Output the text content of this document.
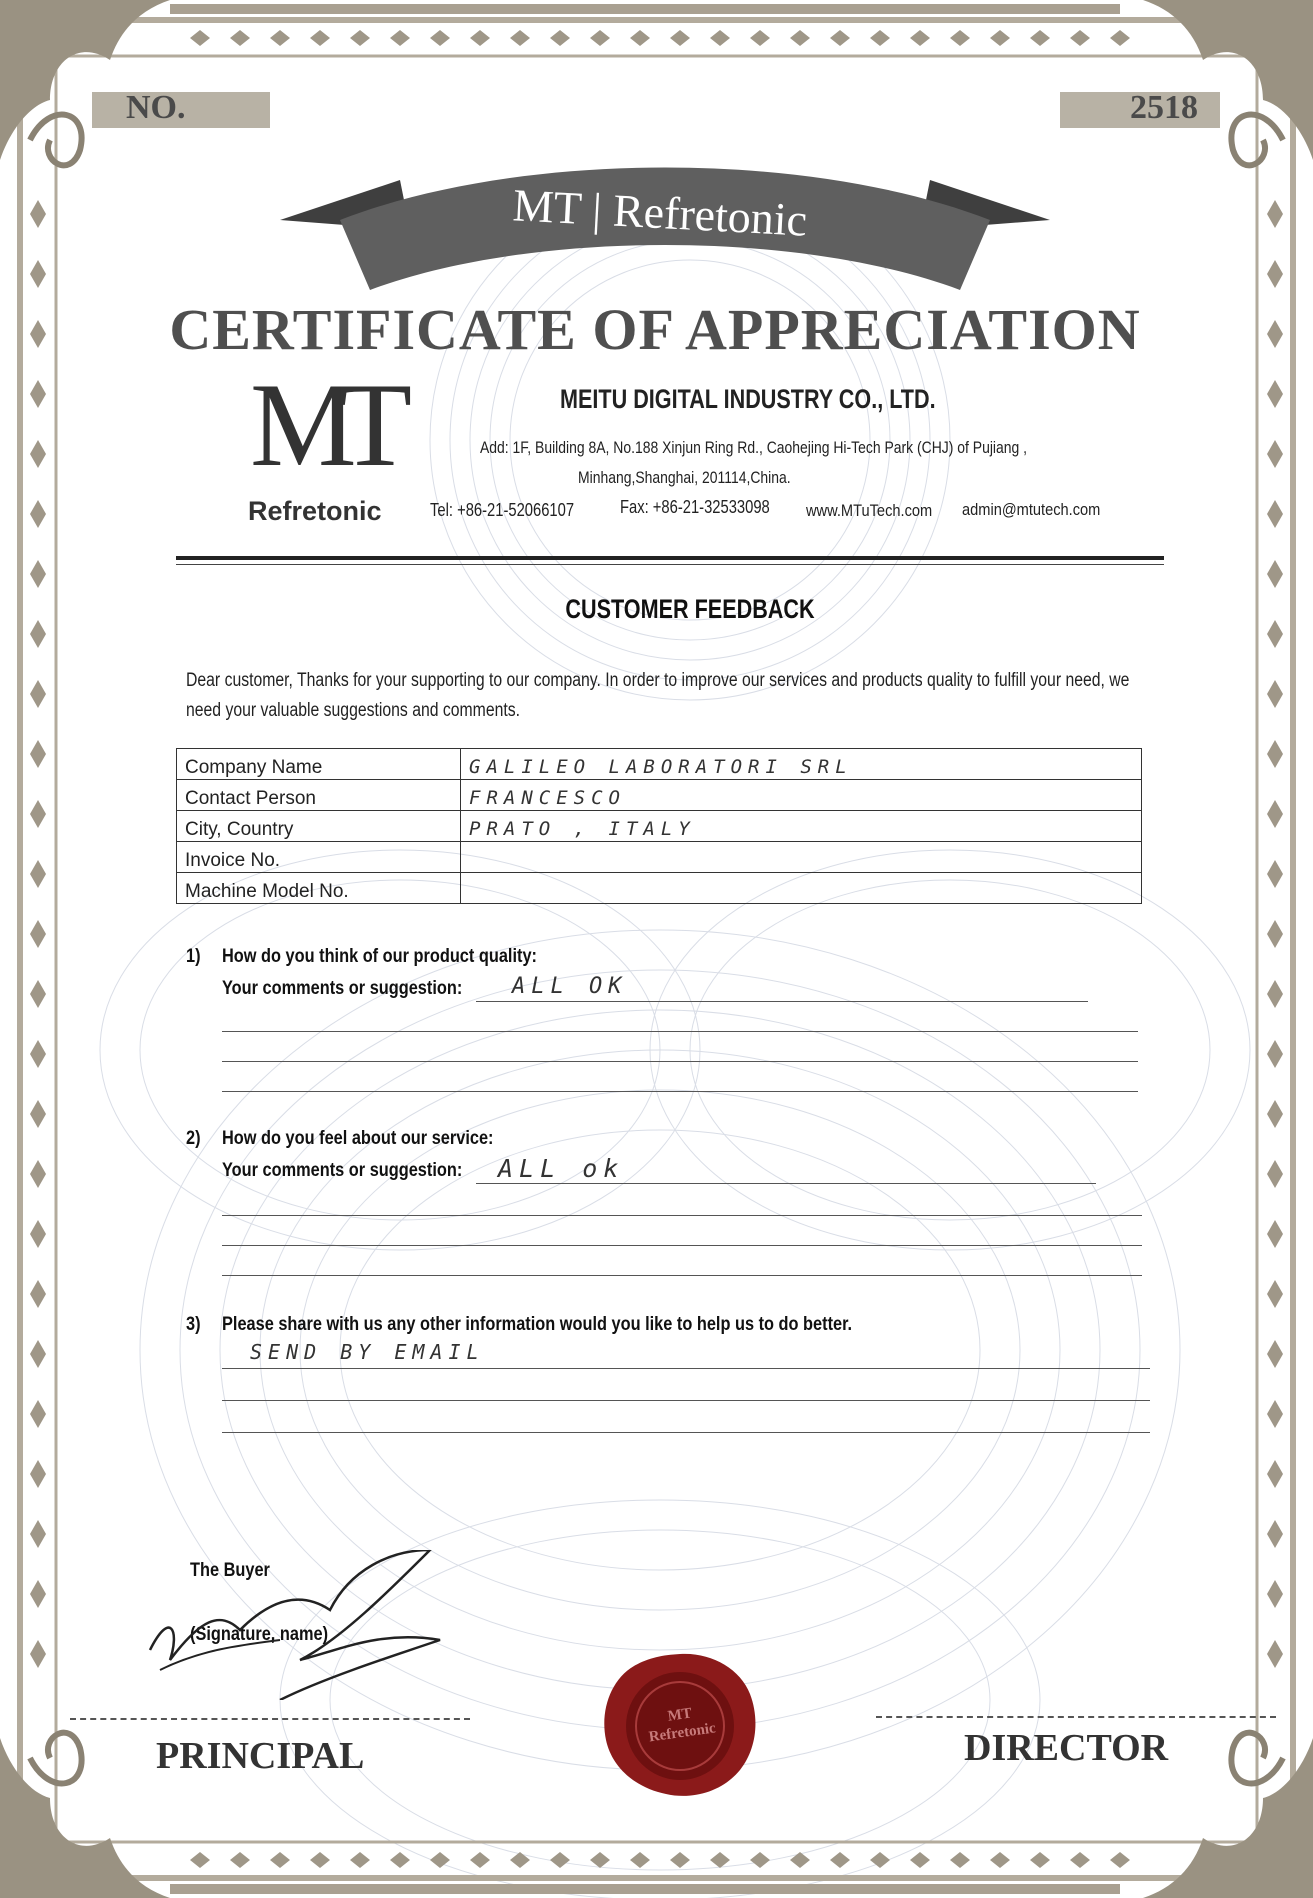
NO.	2518
MT | Refretonic
CERTIFICATE OF APPRECIATION
MT
Refretonic
MEITU DIGITAL INDUSTRY CO., LTD.
Add: 1F, Building 8A, No.188 Xinjun Ring Rd., Caohejing Hi-Tech Park (CHJ) of Pujiang ,
Minhang,Shanghai, 201114,China.
Tel: +86-21-52066107	Fax: +86-21-32533098 www.MTuTech.com admin@mtutech.com
CUSTOMER FEEDBACK
Dear customer, Thanks for your supporting to our company. In order to improve our services and products quality to fulfill your need, we need your valuable suggestions and comments.
Company Name	GALILEO LABORATORI SRL
Contact Person	FRANCESCO
City, Country	PRATO , ITALY
Invoice No.	
Machine Model No.	
1) How do you think of our product quality:
Your comments or suggestion: ALL OK
2) How do you feel about our service:
Your comments or suggestion: ALL ok
3) Please share with us any other information would you like to help us to do better.
SEND BY EMAIL
The Buyer
(Signature, name)
MT Refretonic
PRINCIPAL	DIRECTOR
